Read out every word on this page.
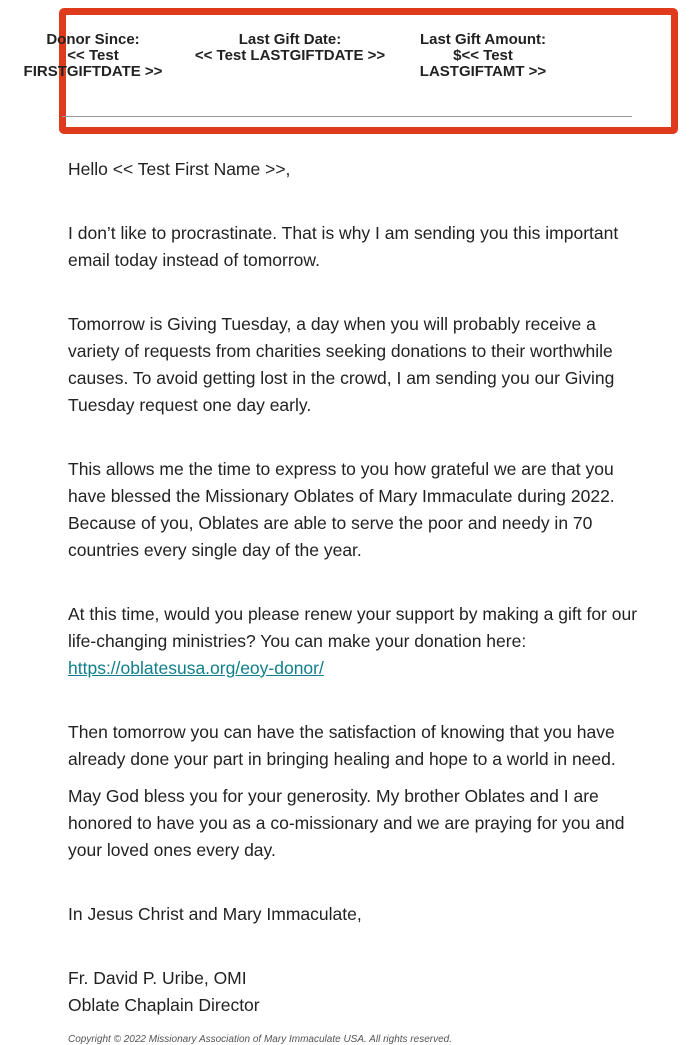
Donor Since:
<< Test FIRSTGIFTDATE >>
Last Gift Date:
<< Test LASTGIFTDATE >>
Last Gift Amount:
$<< Test LASTGIFTAMT >>

Hello << Test First Name >>,

I don’t like to procrastinate. That is why I am sending you this important email today instead of tomorrow.

Tomorrow is Giving Tuesday, a day when you will probably receive a variety of requests from charities seeking donations to their worthwhile causes. To avoid getting lost in the crowd, I am sending you our Giving Tuesday request one day early.

This allows me the time to express to you how grateful we are that you have blessed the Missionary Oblates of Mary Immaculate during 2022. Because of you, Oblates are able to serve the poor and needy in 70 countries every single day of the year.

At this time, would you please renew your support by making a gift for our life-changing ministries? You can make your donation here: https://oblatesusa.org/eoy-donor/

Then tomorrow you can have the satisfaction of knowing that you have already done your part in bringing healing and hope to a world in need.

May God bless you for your generosity. My brother Oblates and I are honored to have you as a co-missionary and we are praying for you and your loved ones every day.

In Jesus Christ and Mary Immaculate,

Fr. David P. Uribe, OMI

Oblate Chaplain Director

Copyright © 2022 Missionary Association of Mary Immaculate USA. All rights reserved.
